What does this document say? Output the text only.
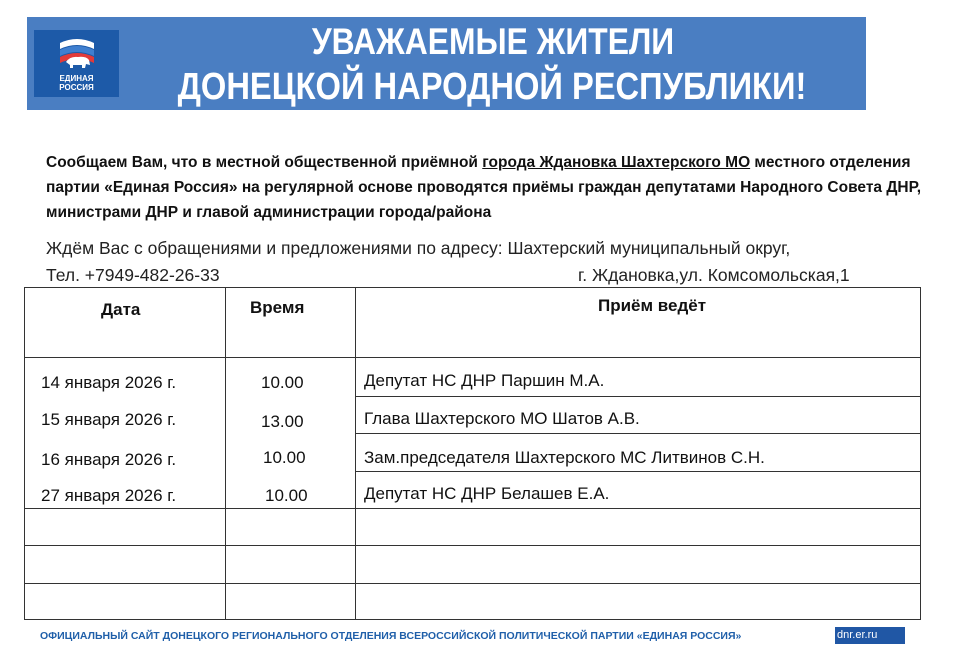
ЕДИНАЯ
РОССИЯ
УВАЖАЕМЫЕ ЖИТЕЛИ
ДОНЕЦКОЙ НАРОДНОЙ РЕСПУБЛИКИ!
Сообщаем Вам, что в местной общественной приёмной города Ждановка Шахтерского МО местного отделения партии «Единая Россия» на регулярной основе проводятся приёмы граждан депутатами Народного Совета ДНР, министрами ДНР и главой администрации города/района
Ждём Вас с обращениями и предложениями по адресу: Шахтерский муниципальный округ,
Тел. +7949-482-26-33	г. Ждановка,ул. Комсомольская,1
Дата	Время	Приём ведёт
14 января 2026 г.	10.00	Депутат НС ДНР Паршин М.А.
15 января 2026 г.	13.00	Глава Шахтерского МО Шатов А.В.
16 января 2026 г.	10.00	Зам.председателя Шахтерского МС Литвинов С.Н.
27 января 2026 г.	10.00	Депутат НС ДНР Белашев Е.А.
ОФИЦИАЛЬНЫЙ САЙТ ДОНЕЦКОГО РЕГИОНАЛЬНОГО ОТДЕЛЕНИЯ ВСЕРОССИЙСКОЙ ПОЛИТИЧЕСКОЙ ПАРТИИ «ЕДИНАЯ РОССИЯ»	dnr.er.ru
